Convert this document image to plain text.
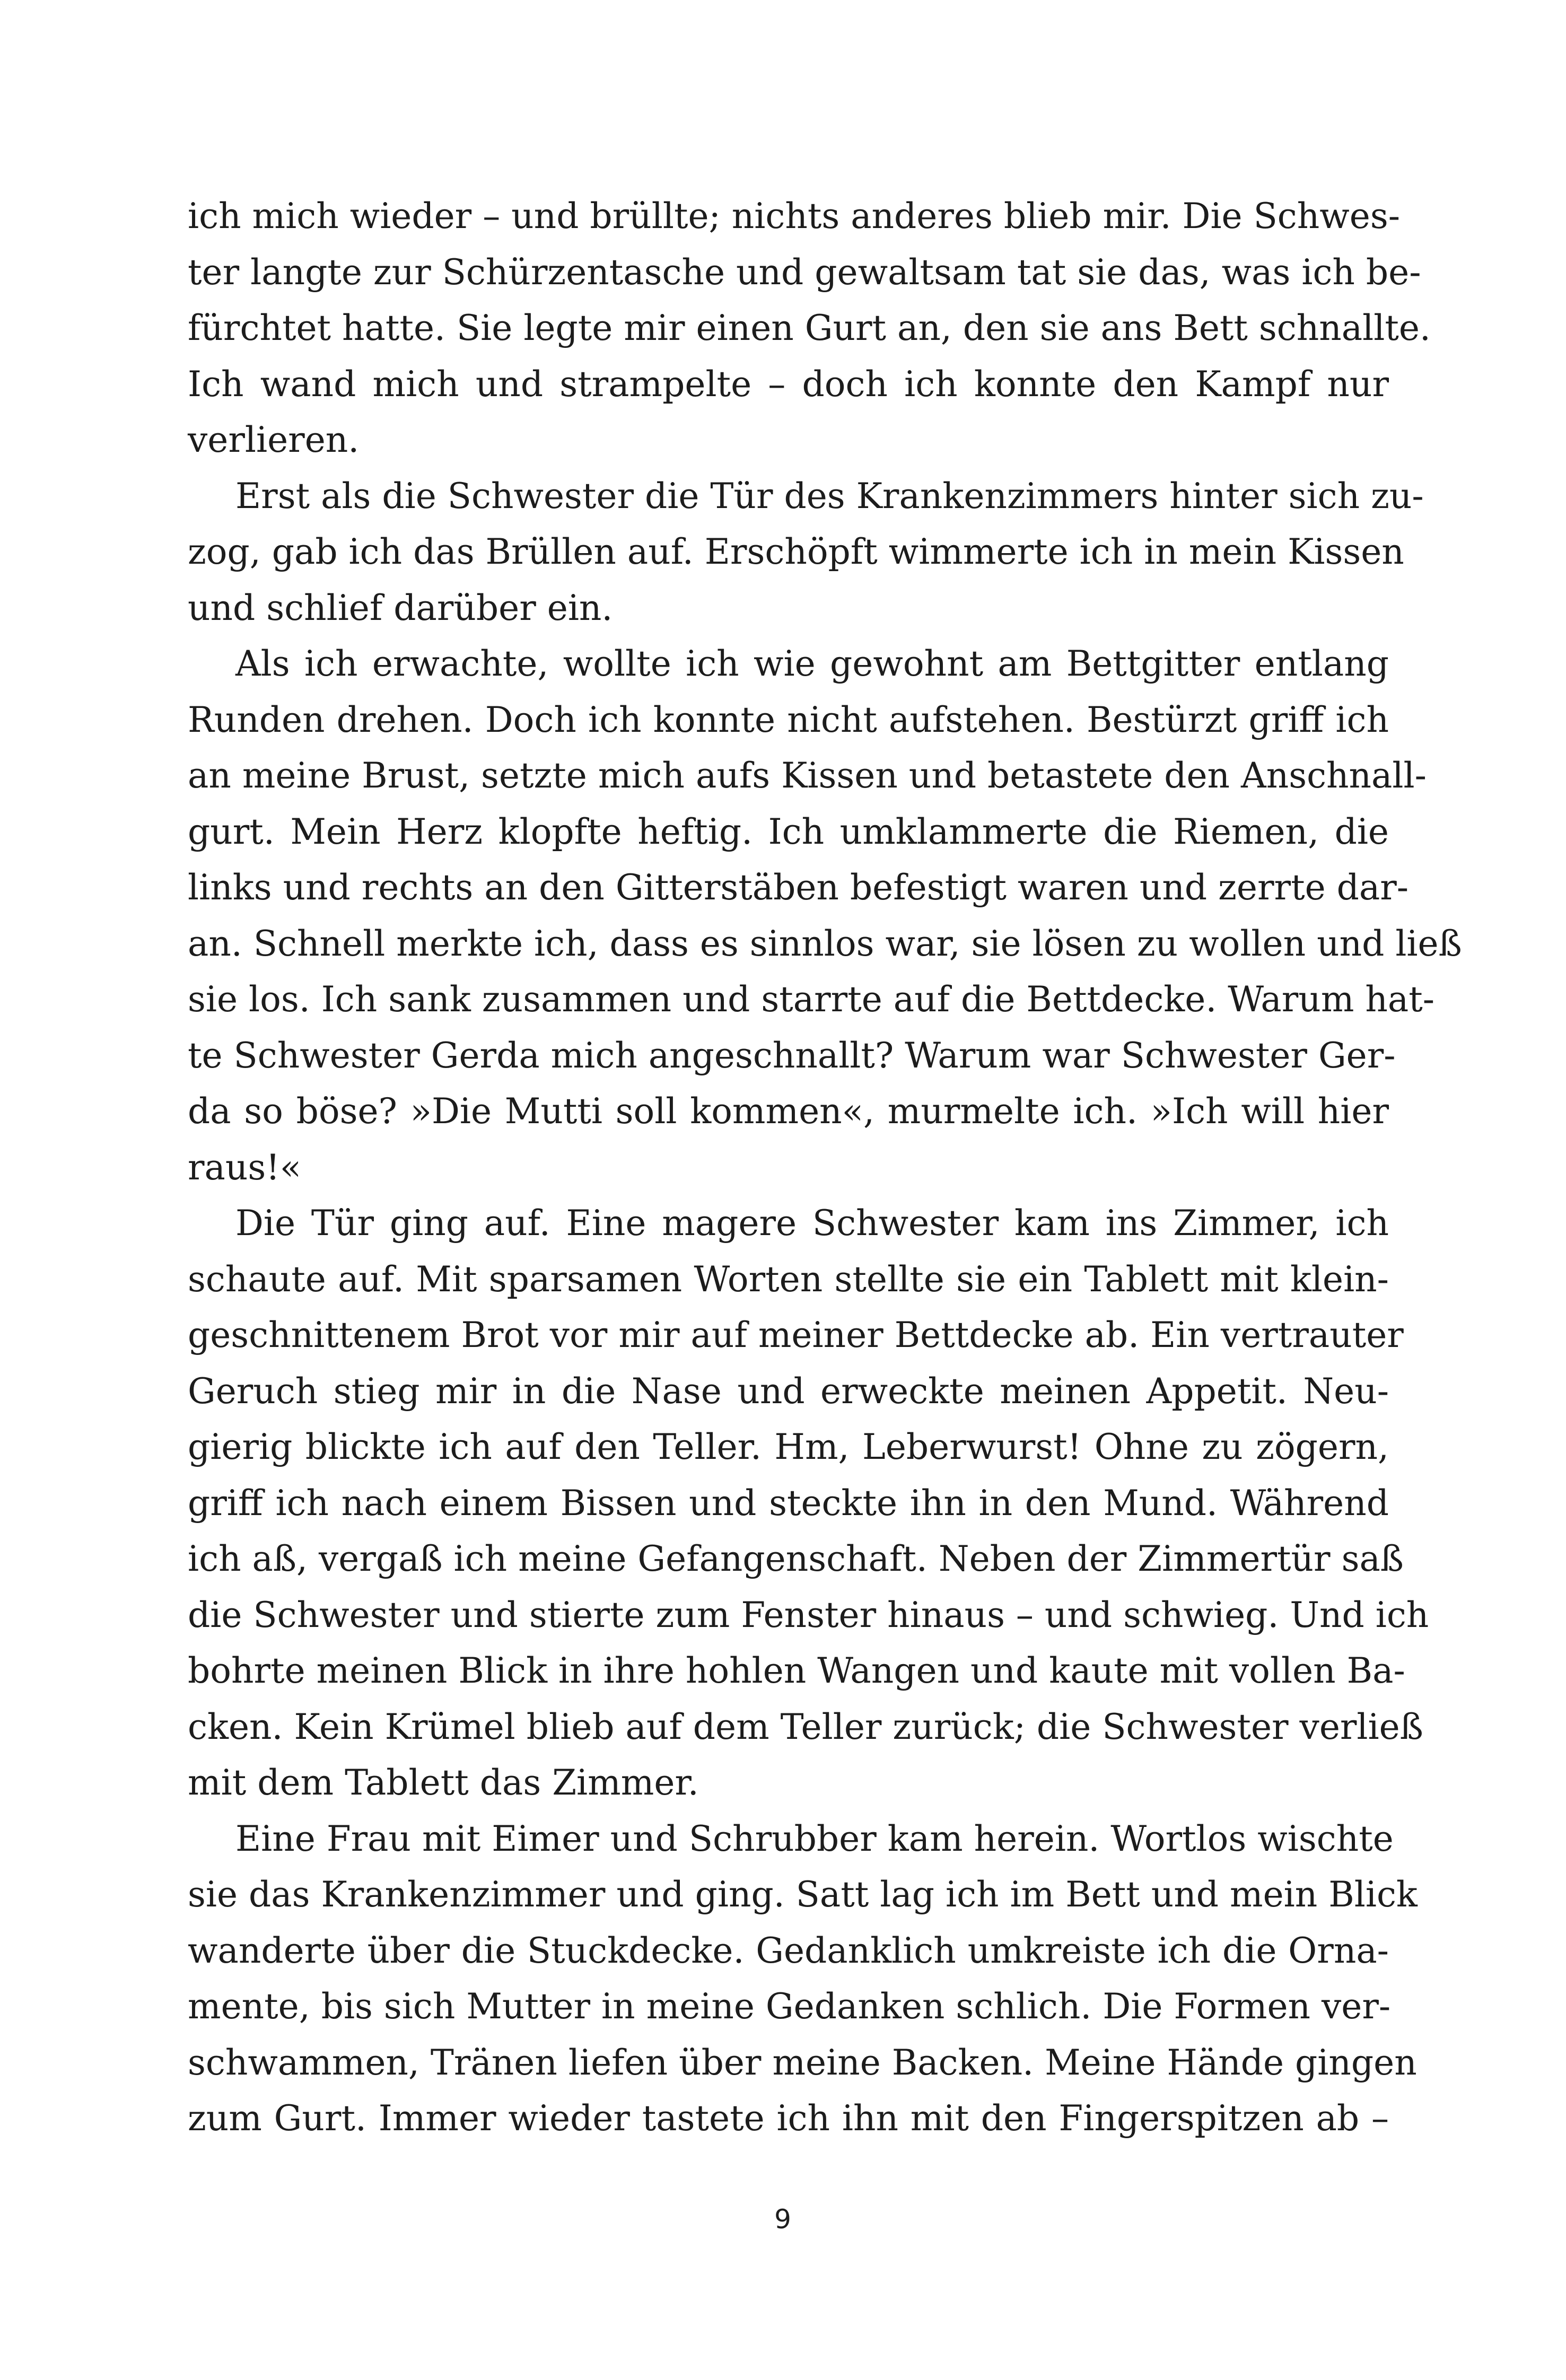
ich mich wieder – und brüllte; nichts anderes blieb mir. Die Schwes-
ter langte zur Schürzentasche und gewaltsam tat sie das, was ich be-
fürchtet hatte. Sie legte mir einen Gurt an, den sie ans Bett schnallte.
Ich wand mich und strampelte – doch ich konnte den Kampf nur
verlieren.
Erst als die Schwester die Tür des Krankenzimmers hinter sich zu-
zog, gab ich das Brüllen auf. Erschöpft wimmerte ich in mein Kissen
und schlief darüber ein.
Als ich erwachte, wollte ich wie gewohnt am Bettgitter entlang
Runden drehen. Doch ich konnte nicht aufstehen. Bestürzt griff ich
an meine Brust, setzte mich aufs Kissen und betastete den Anschnall-
gurt. Mein Herz klopfte heftig. Ich umklammerte die Riemen, die
links und rechts an den Gitterstäben befestigt waren und zerrte dar-
an. Schnell merkte ich, dass es sinnlos war, sie lösen zu wollen und ließ
sie los. Ich sank zusammen und starrte auf die Bettdecke. Warum hat-
te Schwester Gerda mich angeschnallt? Warum war Schwester Ger-
da so böse? »Die Mutti soll kommen«, murmelte ich. »Ich will hier
raus!«
Die Tür ging auf. Eine magere Schwester kam ins Zimmer, ich
schaute auf. Mit sparsamen Worten stellte sie ein Tablett mit klein-
geschnittenem Brot vor mir auf meiner Bettdecke ab. Ein vertrauter
Geruch stieg mir in die Nase und erweckte meinen Appetit. Neu-
gierig blickte ich auf den Teller. Hm, Leberwurst! Ohne zu zögern,
griff ich nach einem Bissen und steckte ihn in den Mund. Während
ich aß, vergaß ich meine Gefangenschaft. Neben der Zimmertür saß
die Schwester und stierte zum Fenster hinaus – und schwieg. Und ich
bohrte meinen Blick in ihre hohlen Wangen und kaute mit vollen Ba-
cken. Kein Krümel blieb auf dem Teller zurück; die Schwester verließ
mit dem Tablett das Zimmer.
Eine Frau mit Eimer und Schrubber kam herein. Wortlos wischte
sie das Krankenzimmer und ging. Satt lag ich im Bett und mein Blick
wanderte über die Stuckdecke. Gedanklich umkreiste ich die Orna-
mente, bis sich Mutter in meine Gedanken schlich. Die Formen ver-
schwammen, Tränen liefen über meine Backen. Meine Hände gingen
zum Gurt. Immer wieder tastete ich ihn mit den Fingerspitzen ab –
9
